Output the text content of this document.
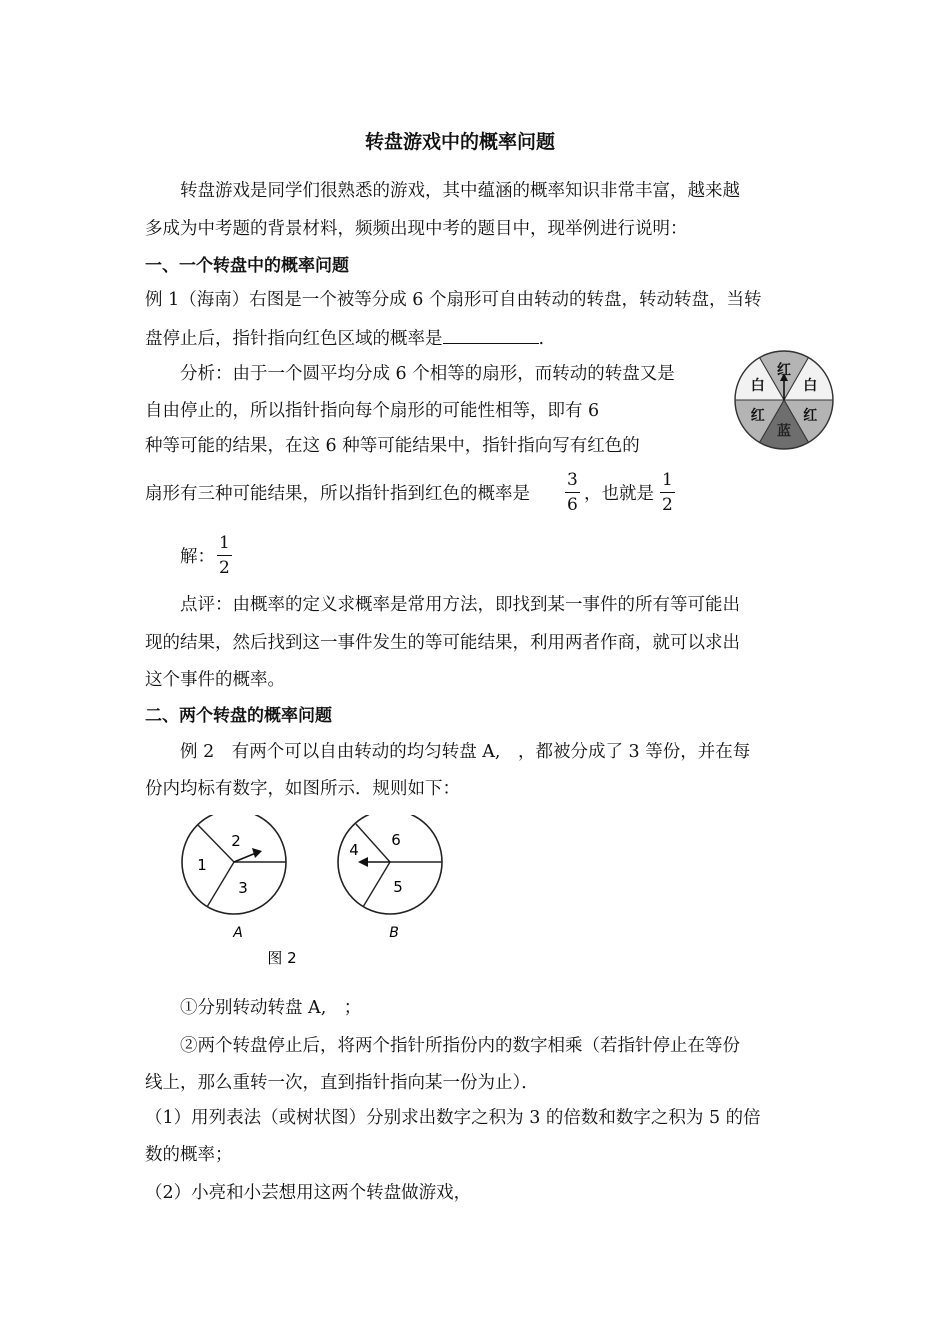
转盘游戏中的概率问题
转盘游戏是同学们很熟悉的游戏，其中蕴涵的概率知识非常丰富，越来越
多成为中考题的背景材料，频频出现中考的题目中，现举例进行说明：
一、一个转盘中的概率问题
例 1（海南）右图是一个被等分成 6 个扇形可自由转动的转盘，转动转盘，当转
盘停止后，指针指向红色区域的概率是	.
分析：由于一个圆平均分成 6 个相等的扇形，而转动的转盘又是
自由停止的，所以指针指向每个扇形的可能性相等，即有 6
种等可能的结果，在这 6 种等可能结果中，指针指向写有红色的
扇形有三种可能结果，所以指针指到红色的概率是 $\frac{3}{6}$ ，也就是 $\frac{1}{2}$
解： $\frac{1}{2}$
点评：由概率的定义求概率是常用方法，即找到某一事件的所有等可能出
现的结果，然后找到这一事件发生的等可能结果，利用两者作商，就可以求出
这个事件的概率。
红
白
红
蓝
红
白
二、两个转盘的概率问题
例 2　有两个可以自由转动的均匀转盘 A,　，都被分成了 3 等份，并在每
份内均标有数字，如图所示．规则如下：
2
1
3
A
6
4
5
B
图 2
①分别转动转盘 A,　；
②两个转盘停止后，将两个指针所指份内的数字相乘（若指针停止在等份
线上，那么重转一次，直到指针指向某一份为止）．
（1）用列表法（或树状图）分别求出数字之积为 3 的倍数和数字之积为 5 的倍
数的概率；
（2）小亮和小芸想用这两个转盘做游戏，
